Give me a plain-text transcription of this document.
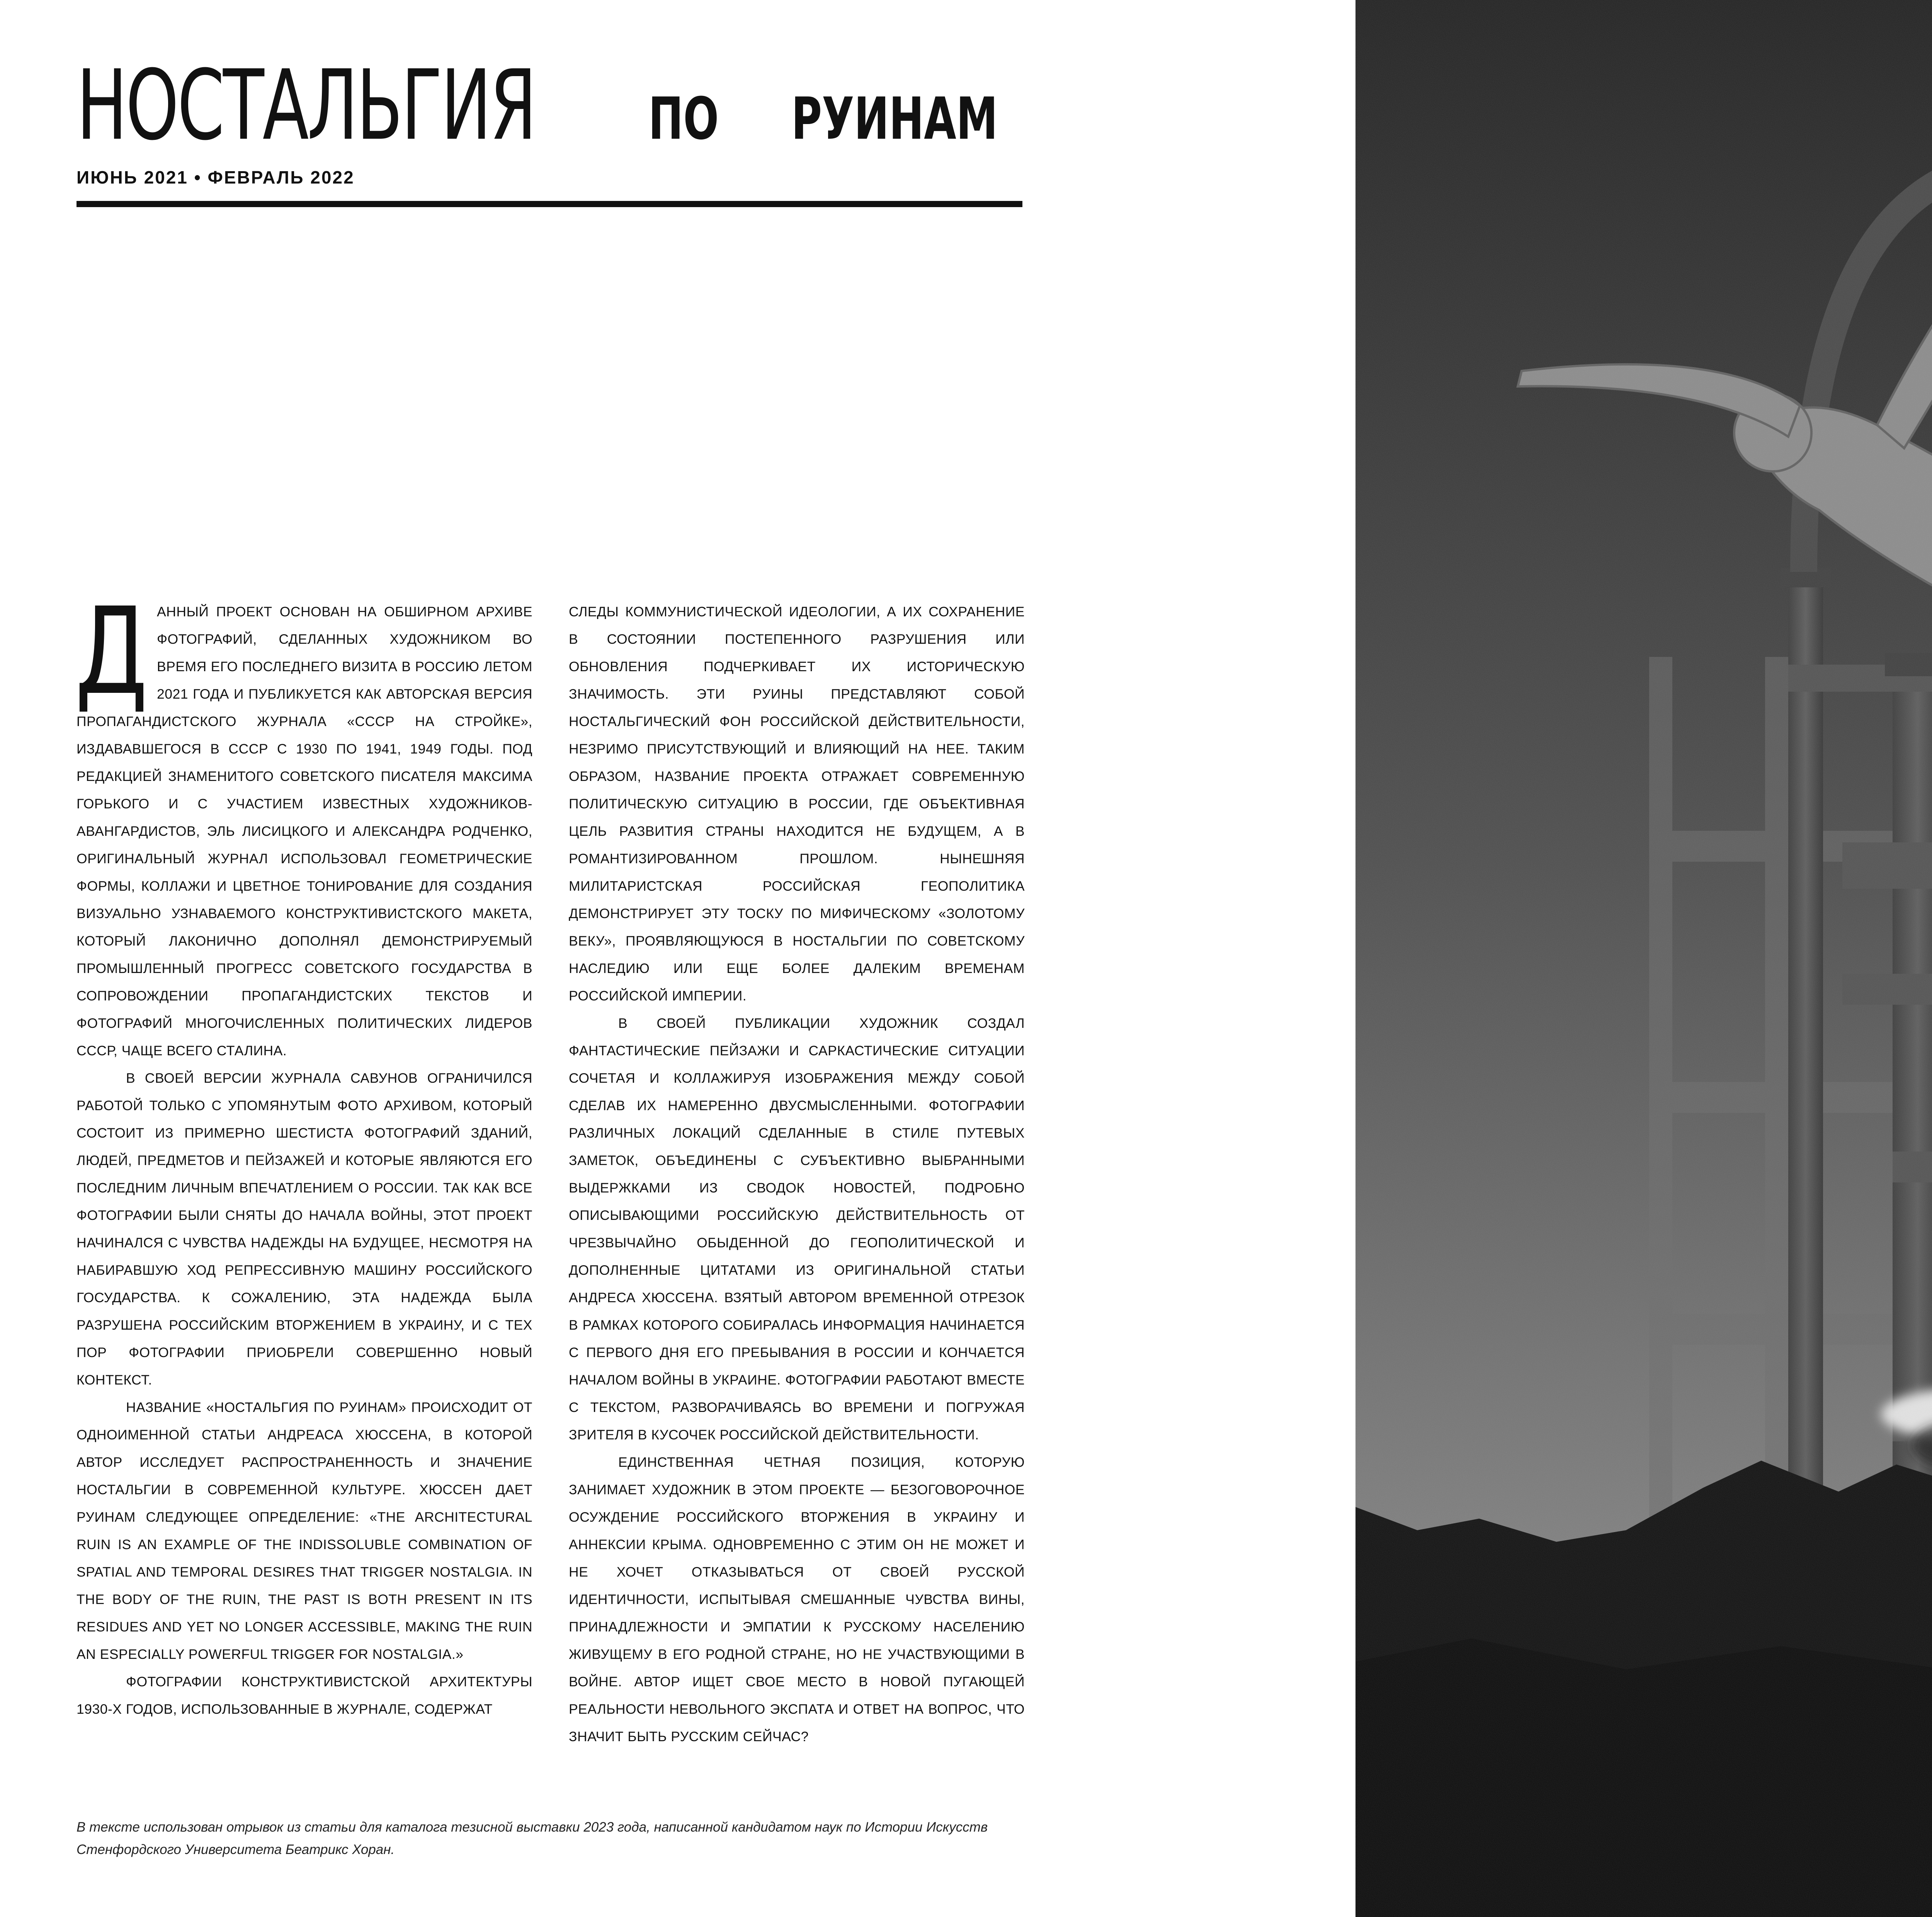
НОСТАЛЬГИЯ ПО РУИНАМ
ИЮНЬ 2021 • ФЕВРАЛЬ 2022
Д АННЫЙ ПРОЕКТ ОСНОВАН НА ОБШИРНОМ АРХИВЕ ФОТОГРАФИЙ, СДЕЛАННЫХ ХУДОЖНИКОМ ВО ВРЕМЯ ЕГО ПОСЛЕДНЕГО ВИЗИТА В РОССИЮ ЛЕТОМ 2021 ГОДА И ПУБЛИКУЕТСЯ КАК АВТОРСКАЯ ВЕРСИЯ ПРОПАГАНДИСТСКОГО ЖУРНАЛА «СССР НА СТРОЙКЕ», ИЗДАВАВШЕГОСЯ В СССР С 1930 ПО 1941, 1949 ГОДЫ. ПОД РЕДАКЦИЕЙ ЗНАМЕНИТОГО СОВЕТСКОГО ПИСАТЕЛЯ МАКСИМА ГОРЬКОГО И С УЧАСТИЕМ ИЗВЕСТНЫХ ХУДОЖНИКОВ-АВАНГАРДИСТОВ, ЭЛЬ ЛИСИЦКОГО И АЛЕКСАНДРА РОДЧЕНКО, ОРИГИНАЛЬНЫЙ ЖУРНАЛ ИСПОЛЬЗОВАЛ ГЕОМЕТРИЧЕСКИЕ ФОРМЫ, КОЛЛАЖИ И ЦВЕТНОЕ ТОНИРОВАНИЕ ДЛЯ СОЗДАНИЯ ВИЗУАЛЬНО УЗНАВАЕМОГО КОНСТРУКТИВИСТСКОГО МАКЕТА, КОТОРЫЙ ЛАКОНИЧНО ДОПОЛНЯЛ ДЕМОНСТРИРУЕМЫЙ ПРОМЫШЛЕННЫЙ ПРОГРЕСС СОВЕТСКОГО ГОСУДАРСТВА В СОПРОВОЖДЕНИИ ПРОПАГАНДИСТСКИХ ТЕКСТОВ И ФОТОГРАФИЙ МНОГОЧИСЛЕННЫХ ПОЛИТИЧЕСКИХ ЛИДЕРОВ СССР, ЧАЩЕ ВСЕГО СТАЛИНА.

В СВОЕЙ ВЕРСИИ ЖУРНАЛА САВУНОВ ОГРАНИЧИЛСЯ РАБОТОЙ ТОЛЬКО С УПОМЯНУТЫМ ФОТО АРХИВОМ, КОТОРЫЙ СОСТОИТ ИЗ ПРИМЕРНО ШЕСТИСТА ФОТОГРАФИЙ ЗДАНИЙ, ЛЮДЕЙ, ПРЕДМЕТОВ И ПЕЙЗАЖЕЙ И КОТОРЫЕ ЯВЛЯЮТСЯ ЕГО ПОСЛЕДНИМ ЛИЧНЫМ ВПЕЧАТЛЕНИЕМ О РОССИИ. ТАК КАК ВСЕ ФОТОГРАФИИ БЫЛИ СНЯТЫ ДО НАЧАЛА ВОЙНЫ, ЭТОТ ПРОЕКТ НАЧИНАЛСЯ С ЧУВСТВА НАДЕЖДЫ НА БУДУЩЕЕ, НЕСМОТРЯ НА НАБИРАВШУЮ ХОД РЕПРЕССИВНУЮ МАШИНУ РОССИЙСКОГО ГОСУДАРСТВА. К СОЖАЛЕНИЮ, ЭТА НАДЕЖДА БЫЛА РАЗРУШЕНА РОССИЙСКИМ ВТОРЖЕНИЕМ В УКРАИНУ, И С ТЕХ ПОР ФОТОГРАФИИ ПРИОБРЕЛИ СОВЕРШЕННО НОВЫЙ КОНТЕКСТ.

НАЗВАНИЕ «НОСТАЛЬГИЯ ПО РУИНАМ» ПРОИСХОДИТ ОТ ОДНОИМЕННОЙ СТАТЬИ АНДРЕАСА ХЮССЕНА, В КОТОРОЙ АВТОР ИССЛЕДУЕТ РАСПРОСТРАНЕННОСТЬ И ЗНАЧЕНИЕ НОСТАЛЬГИИ В СОВРЕМЕННОЙ КУЛЬТУРЕ. ХЮССЕН ДАЕТ РУИНАМ СЛЕДУЮЩЕЕ ОПРЕДЕЛЕНИЕ: «THE ARCHITECTURAL RUIN IS AN EXAMPLE OF THE INDISSOLUBLE COMBINATION OF SPATIAL AND TEMPORAL DESIRES THAT TRIGGER NOSTALGIA. IN THE BODY OF THE RUIN, THE PAST IS BOTH PRESENT IN ITS RESIDUES AND YET NO LONGER ACCESSIBLE, MAKING THE RUIN AN ESPECIALLY POWERFUL TRIGGER FOR NOSTALGIA.»

ФОТОГРАФИИ КОНСТРУКТИВИСТСКОЙ АРХИТЕКТУРЫ 1930-Х ГОДОВ, ИСПОЛЬЗОВАННЫЕ В ЖУРНАЛЕ, СОДЕРЖАТ

СЛЕДЫ КОММУНИСТИЧЕСКОЙ ИДЕОЛОГИИ, А ИХ СОХРАНЕНИЕ В СОСТОЯНИИ ПОСТЕПЕННОГО РАЗРУШЕНИЯ ИЛИ ОБНОВЛЕНИЯ ПОДЧЕРКИВАЕТ ИХ ИСТОРИЧЕСКУЮ ЗНАЧИМОСТЬ. ЭТИ РУИНЫ ПРЕДСТАВЛЯЮТ СОБОЙ НОСТАЛЬГИЧЕСКИЙ ФОН РОССИЙСКОЙ ДЕЙСТВИТЕЛЬНОСТИ, НЕЗРИМО ПРИСУТСТВУЮЩИЙ И ВЛИЯЮЩИЙ НА НЕЕ. ТАКИМ ОБРАЗОМ, НАЗВАНИЕ ПРОЕКТА ОТРАЖАЕТ СОВРЕМЕННУЮ ПОЛИТИЧЕСКУЮ СИТУАЦИЮ В РОССИИ, ГДЕ ОБЪЕКТИВНАЯ ЦЕЛЬ РАЗВИТИЯ СТРАНЫ НАХОДИТСЯ НЕ БУДУЩЕМ, А В РОМАНТИЗИРОВАННОМ ПРОШЛОМ. НЫНЕШНЯЯ МИЛИТАРИСТСКАЯ РОССИЙСКАЯ ГЕОПОЛИТИКА ДЕМОНСТРИРУЕТ ЭТУ ТОСКУ ПО МИФИЧЕСКОМУ «ЗОЛОТОМУ ВЕКУ», ПРОЯВЛЯЮЩУЮСЯ В НОСТАЛЬГИИ ПО СОВЕТСКОМУ НАСЛЕДИЮ ИЛИ ЕЩЕ БОЛЕЕ ДАЛЕКИМ ВРЕМЕНАМ РОССИЙСКОЙ ИМПЕРИИ.

В СВОЕЙ ПУБЛИКАЦИИ ХУДОЖНИК СОЗДАЛ ФАНТАСТИЧЕСКИЕ ПЕЙЗАЖИ И САРКАСТИЧЕСКИЕ СИТУАЦИИ СОЧЕТАЯ И КОЛЛАЖИРУЯ ИЗОБРАЖЕНИЯ МЕЖДУ СОБОЙ СДЕЛАВ ИХ НАМЕРЕННО ДВУСМЫСЛЕННЫМИ. ФОТОГРАФИИ РАЗЛИЧНЫХ ЛОКАЦИЙ СДЕЛАННЫЕ В СТИЛЕ ПУТЕВЫХ ЗАМЕТОК, ОБЪЕДИНЕНЫ С СУБЪЕКТИВНО ВЫБРАННЫМИ ВЫДЕРЖКАМИ ИЗ СВОДОК НОВОСТЕЙ, ПОДРОБНО ОПИСЫВАЮЩИМИ РОССИЙСКУЮ ДЕЙСТВИТЕЛЬНОСТЬ ОТ ЧРЕЗВЫЧАЙНО ОБЫДЕННОЙ ДО ГЕОПОЛИТИЧЕСКОЙ И ДОПОЛНЕННЫЕ ЦИТАТАМИ ИЗ ОРИГИНАЛЬНОЙ СТАТЬИ АНДРЕСА ХЮССЕНА. ВЗЯТЫЙ АВТОРОМ ВРЕМЕННОЙ ОТРЕЗОК В РАМКАХ КОТОРОГО СОБИРАЛАСЬ ИНФОРМАЦИЯ НАЧИНАЕТСЯ С ПЕРВОГО ДНЯ ЕГО ПРЕБЫВАНИЯ В РОССИИ И КОНЧАЕТСЯ НАЧАЛОМ ВОЙНЫ В УКРАИНЕ. ФОТОГРАФИИ РАБОТАЮТ ВМЕСТЕ С ТЕКСТОМ, РАЗВОРАЧИВАЯСЬ ВО ВРЕМЕНИ И ПОГРУЖАЯ ЗРИТЕЛЯ В КУСОЧЕК РОССИЙСКОЙ ДЕЙСТВИТЕЛЬНОСТИ.

ЕДИНСТВЕННАЯ ЧЕТНАЯ ПОЗИЦИЯ, КОТОРУЮ ЗАНИМАЕТ ХУДОЖНИК В ЭТОМ ПРОЕКТЕ — БЕЗОГОВОРОЧНОЕ ОСУЖДЕНИЕ РОССИЙСКОГО ВТОРЖЕНИЯ В УКРАИНУ И АННЕКСИИ КРЫМА. ОДНОВРЕМЕННО С ЭТИМ ОН НЕ МОЖЕТ И НЕ ХОЧЕТ ОТКАЗЫВАТЬСЯ ОТ СВОЕЙ РУССКОЙ ИДЕНТИЧНОСТИ, ИСПЫТЫВАЯ СМЕШАННЫЕ ЧУВСТВА ВИНЫ, ПРИНАДЛЕЖНОСТИ И ЭМПАТИИ К РУССКОМУ НАСЕЛЕНИЮ ЖИВУЩЕМУ В ЕГО РОДНОЙ СТРАНЕ, НО НЕ УЧАСТВУЮЩИМИ В ВОЙНЕ. АВТОР ИЩЕТ СВОЕ МЕСТО В НОВОЙ ПУГАЮЩЕЙ РЕАЛЬНОСТИ НЕВОЛЬНОГО ЭКСПАТА И ОТВЕТ НА ВОПРОС, ЧТО ЗНАЧИТ БЫТЬ РУССКИМ СЕЙЧАС?

В тексте использован отрывок из статьи для каталога тезисной выставки 2023 года, написанной кандидатом наук по Истории Искусств Стенфордского Университета Беатрикс Хоран.
